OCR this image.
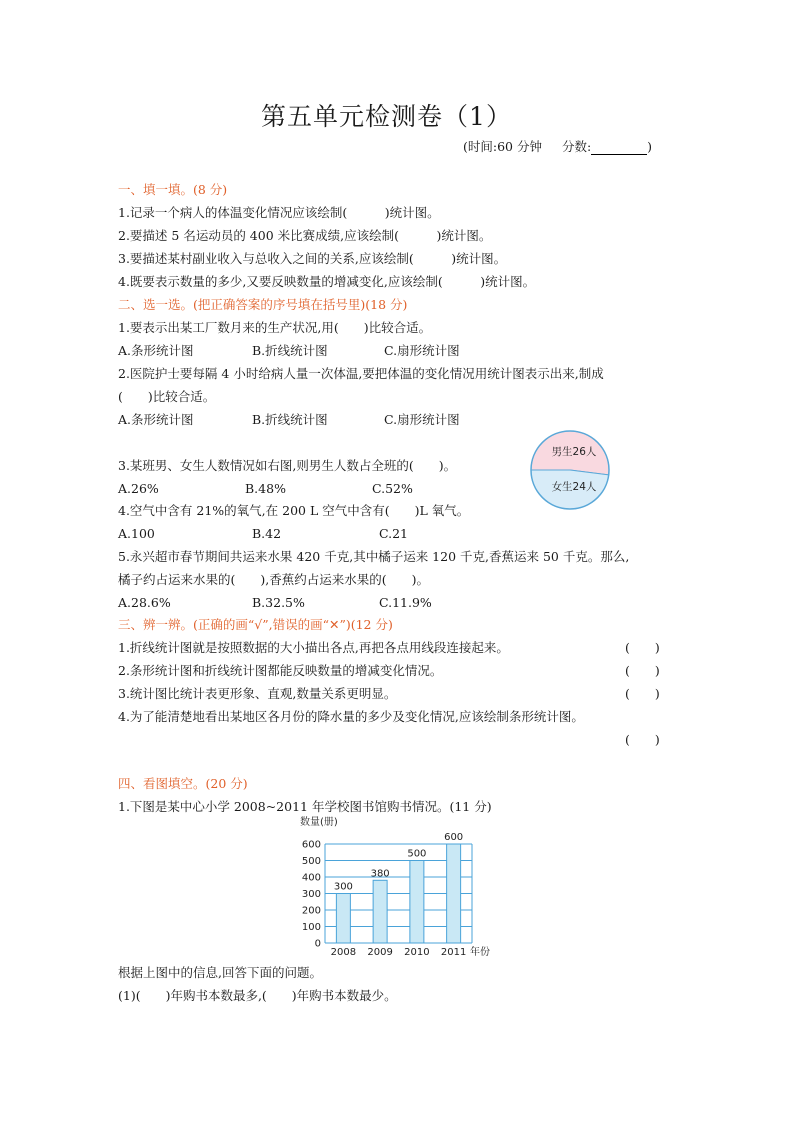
第五单元检测卷（1）
(时间:60 分钟 分数:	)
一、填一填。(8 分)
1.记录一个病人的体温变化情况应该绘制(　　　)统计图。
2.要描述 5 名运动员的 400 米比赛成绩,应该绘制(　　　)统计图。
3.要描述某村副业收入与总收入之间的关系,应该绘制(　　　)统计图。
4.既要表示数量的多少,又要反映数量的增减变化,应该绘制(　　　)统计图。
二、选一选。(把正确答案的序号填在括号里)(18 分)
1.要表示出某工厂数月来的生产状况,用(　　)比较合适。
A.条形统计图	B.折线统计图	C.扇形统计图
2.医院护士要每隔 4 小时给病人量一次体温,要把体温的变化情况用统计图表示出来,制成
(　　)比较合适。
A.条形统计图	B.折线统计图	C.扇形统计图
男生26人
女生24人
3.某班男、女生人数情况如右图,则男生人数占全班的(　　)。
A.26%	B.48%	C.52%
4.空气中含有 21%的氧气,在 200 L 空气中含有(　　)L 氧气。
A.100	B.42	C.21
5.永兴超市春节期间共运来水果 420 千克,其中橘子运来 120 千克,香蕉运来 50 千克。那么,
橘子约占运来水果的(　　),香蕉约占运来水果的(　　)。
A.28.6%	B.32.5%	C.11.9%
三、辨一辨。(正确的画“√”,错误的画“✕”)(12 分)
1.折线统计图就是按照数据的大小描出各点,再把各点用线段连接起来。	(　　)
2.条形统计图和折线统计图都能反映数量的增减变化情况。	(　　)
3.统计图比统计表更形象、直观,数量关系更明显。	(　　)
4.为了能清楚地看出某地区各月份的降水量的多少及变化情况,应该绘制条形统计图。
(　　)
四、看图填空。(20 分)
1.下图是某中心小学 2008~2011 年学校图书馆购书情况。(11 分)
0
100
200
300
400
500
600
300
2008
380
2009
500
2010
600
2011
数量(册)
年份
根据上图中的信息,回答下面的问题。
(1)(　　)年购书本数最多,(　　)年购书本数最少。
